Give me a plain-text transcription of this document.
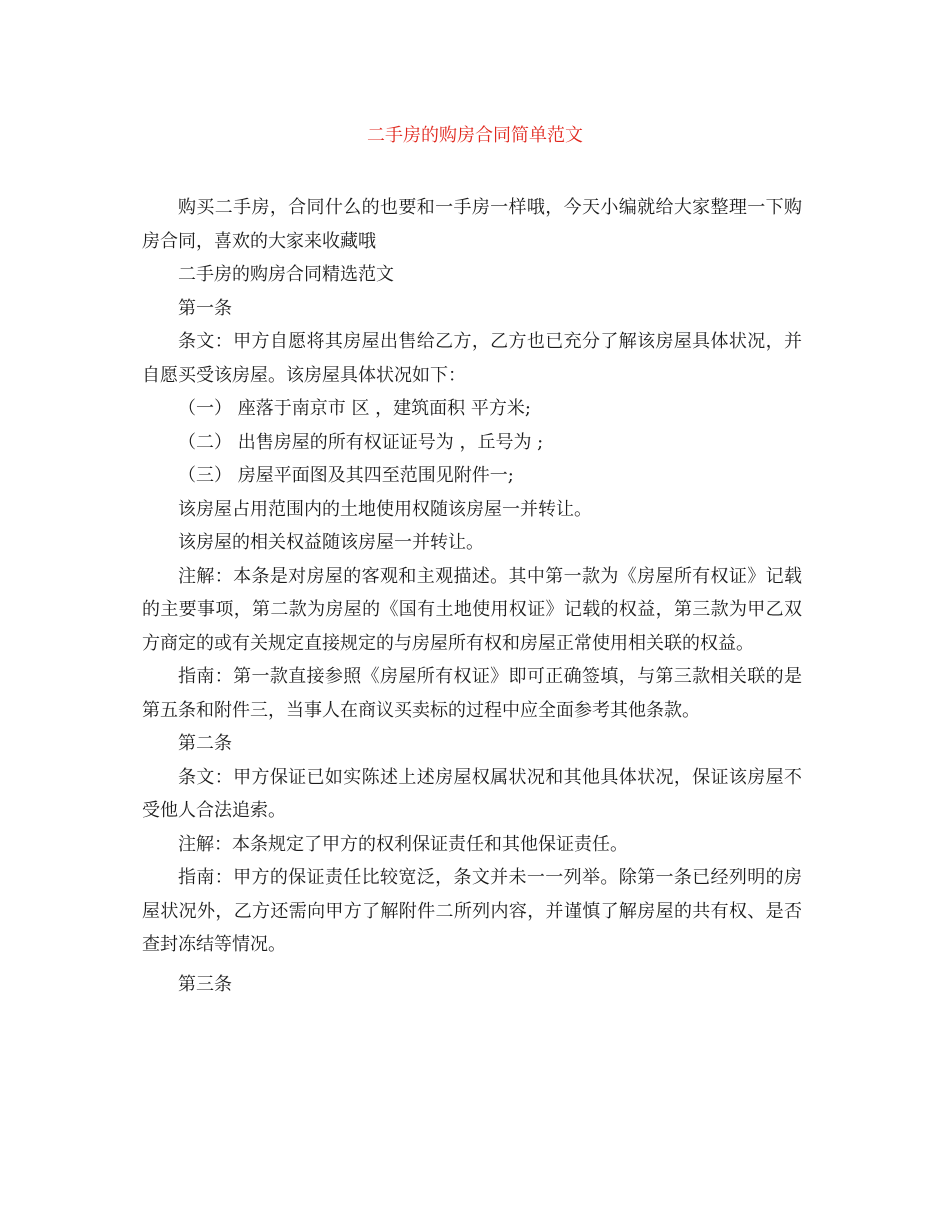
二手房的购房合同简单范文

购买二手房，合同什么的也要和一手房一样哦，今天小编就给大家整理一下购房合同，喜欢的大家来收藏哦

二手房的购房合同精选范文

第一条

条文：甲方自愿将其房屋出售给乙方，乙方也已充分了解该房屋具体状况，并自愿买受该房屋。该房屋具体状况如下：

（一） 座落于南京市 区 ，建筑面积 平方米;

（二） 出售房屋的所有权证证号为 ，丘号为 ;

（三） 房屋平面图及其四至范围见附件一;

该房屋占用范围内的土地使用权随该房屋一并转让。

该房屋的相关权益随该房屋一并转让。

注解：本条是对房屋的客观和主观描述。其中第一款为《房屋所有权证》记载的主要事项，第二款为房屋的《国有土地使用权证》记载的权益，第三款为甲乙双方商定的或有关规定直接规定的与房屋所有权和房屋正常使用相关联的权益。

指南：第一款直接参照《房屋所有权证》即可正确签填，与第三款相关联的是第五条和附件三，当事人在商议买卖标的过程中应全面参考其他条款。

第二条

条文：甲方保证已如实陈述上述房屋权属状况和其他具体状况，保证该房屋不受他人合法追索。

注解：本条规定了甲方的权利保证责任和其他保证责任。

指南：甲方的保证责任比较宽泛，条文并未一一列举。除第一条已经列明的房屋状况外，乙方还需向甲方了解附件二所列内容，并谨慎了解房屋的共有权、是否查封冻结等情况。

第三条
